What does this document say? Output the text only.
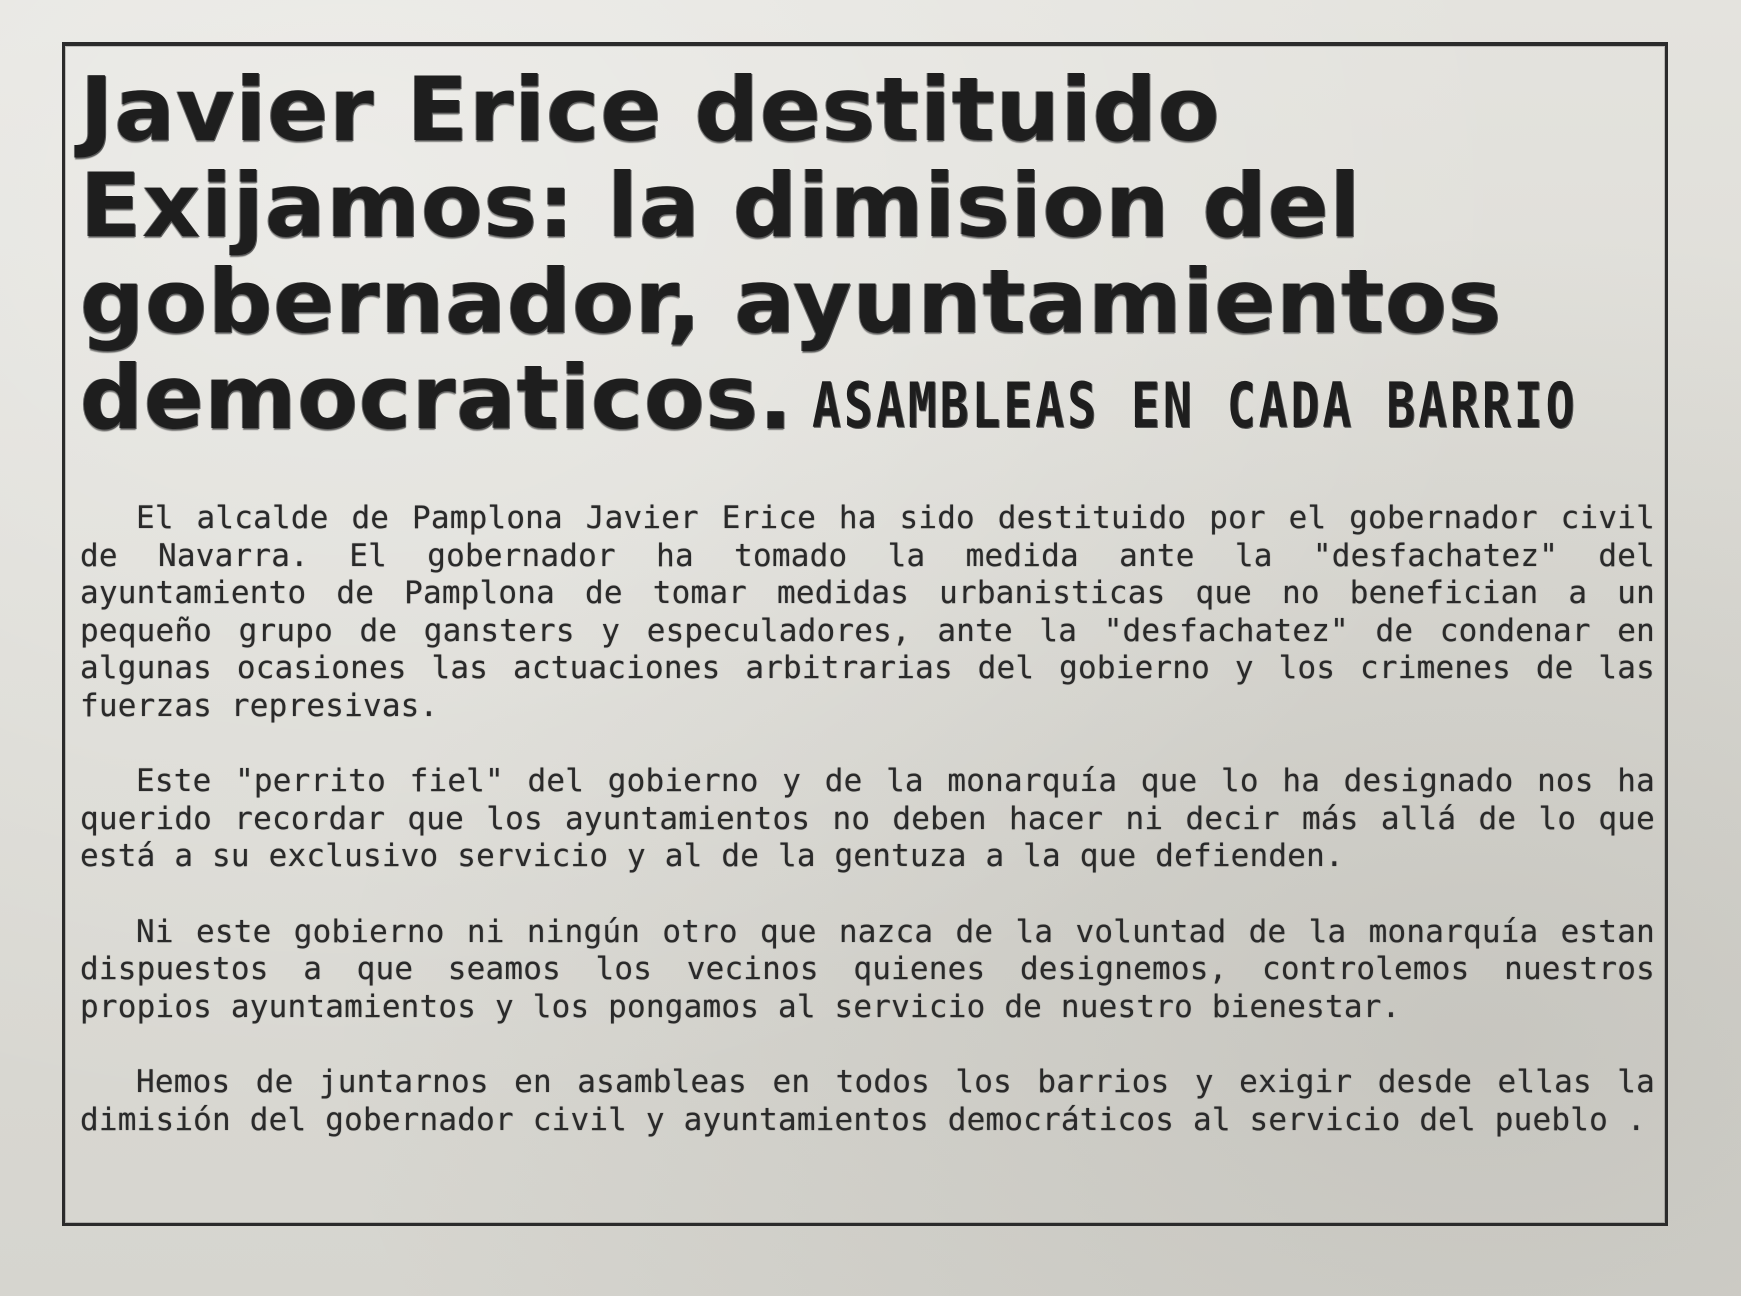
Javier Erice destituido
Exijamos: la dimision del
gobernador, ayuntamientos
democraticos. ASAMBLEAS EN CADA BARRIO

El alcalde de Pamplona Javier Erice ha sido destituido por el gobernador civil de Navarra. El gobernador ha tomado la medida ante la "desfachatez" del ayuntamiento de Pamplona de tomar medidas urbanisticas que no benefician a un pequeño grupo de gansters y especuladores, ante la "desfachatez" de condenar en algunas ocasiones las actuaciones arbitrarias del gobierno y los crimenes de las fuerzas represivas.

Este "perrito fiel" del gobierno y de la monarquía que lo ha designado nos ha querido recordar que los ayuntamientos no deben hacer ni decir más allá de lo que está a su exclusivo servicio y al de la gentuza a la que defienden.

Ni este gobierno ni ningún otro que nazca de la voluntad de la monarquía estan dispuestos a que seamos los vecinos quienes designemos, controlemos nuestros propios ayuntamientos y los pongamos al servicio de nuestro bienestar.

Hemos de juntarnos en asambleas en todos los barrios y exigir desde ellas la dimisión del gobernador civil y ayuntamientos democráticos al servicio del pueblo .
